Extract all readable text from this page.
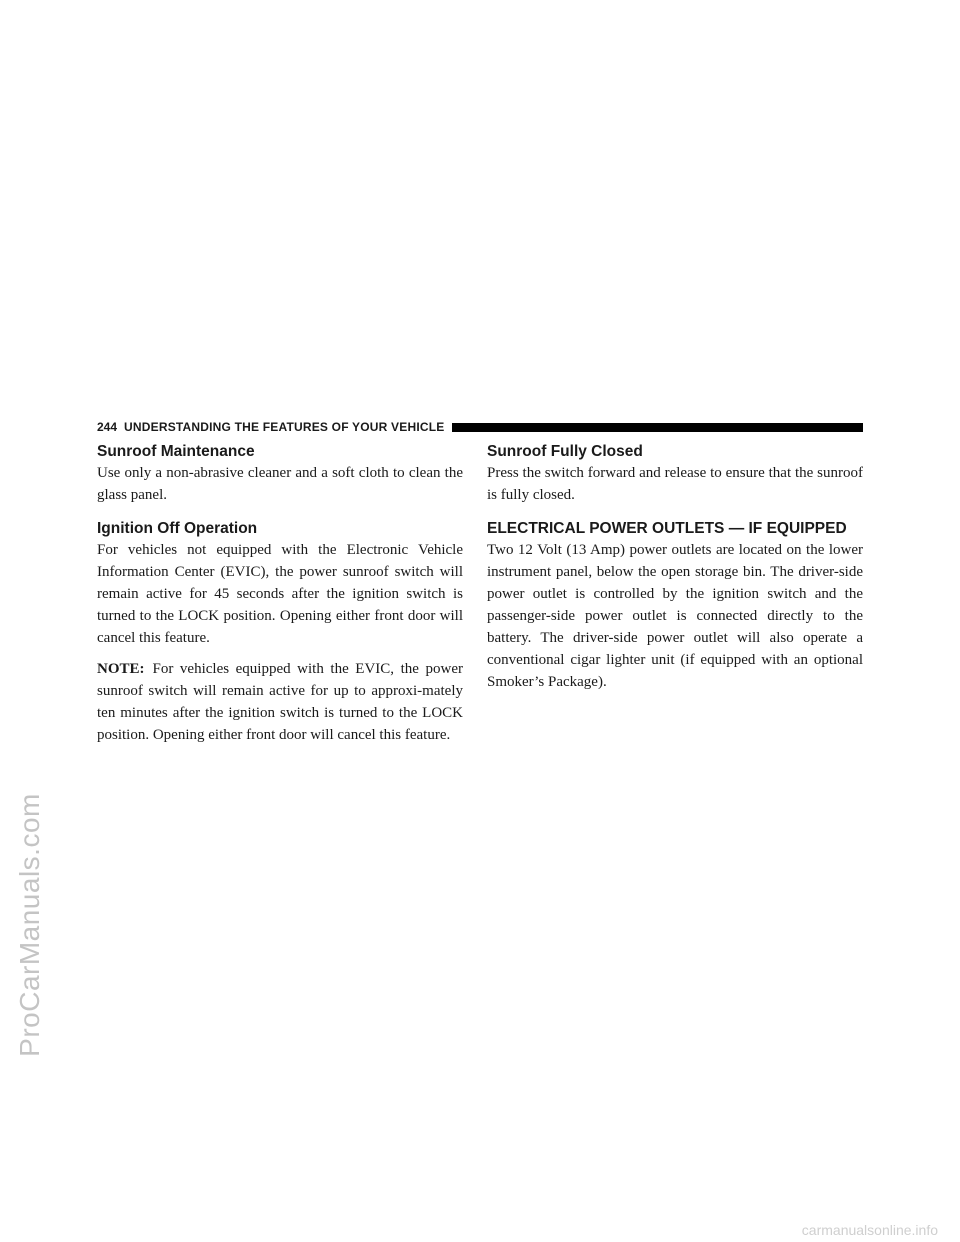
ProCarManuals.com
244 UNDERSTANDING THE FEATURES OF YOUR VEHICLE
Sunroof Maintenance

Use only a non-abrasive cleaner and a soft cloth to clean the glass panel.

Ignition Off Operation

For vehicles not equipped with the Electronic Vehicle Information Center (EVIC), the power sunroof switch will remain active for 45 seconds after the ignition switch is turned to the LOCK position. Opening either front door will cancel this feature.

NOTE: For vehicles equipped with the EVIC, the power sunroof switch will remain active for up to approxi-mately ten minutes after the ignition switch is turned to the LOCK position. Opening either front door will cancel this feature.

Sunroof Fully Closed

Press the switch forward and release to ensure that the sunroof is fully closed.

ELECTRICAL POWER OUTLETS — IF EQUIPPED

Two 12 Volt (13 Amp) power outlets are located on the lower instrument panel, below the open storage bin. The driver-side power outlet is controlled by the ignition switch and the passenger-side power outlet is connected directly to the battery. The driver-side power outlet will also operate a conventional cigar lighter unit (if equipped with an optional Smoker’s Package).

carmanualsonline.info
